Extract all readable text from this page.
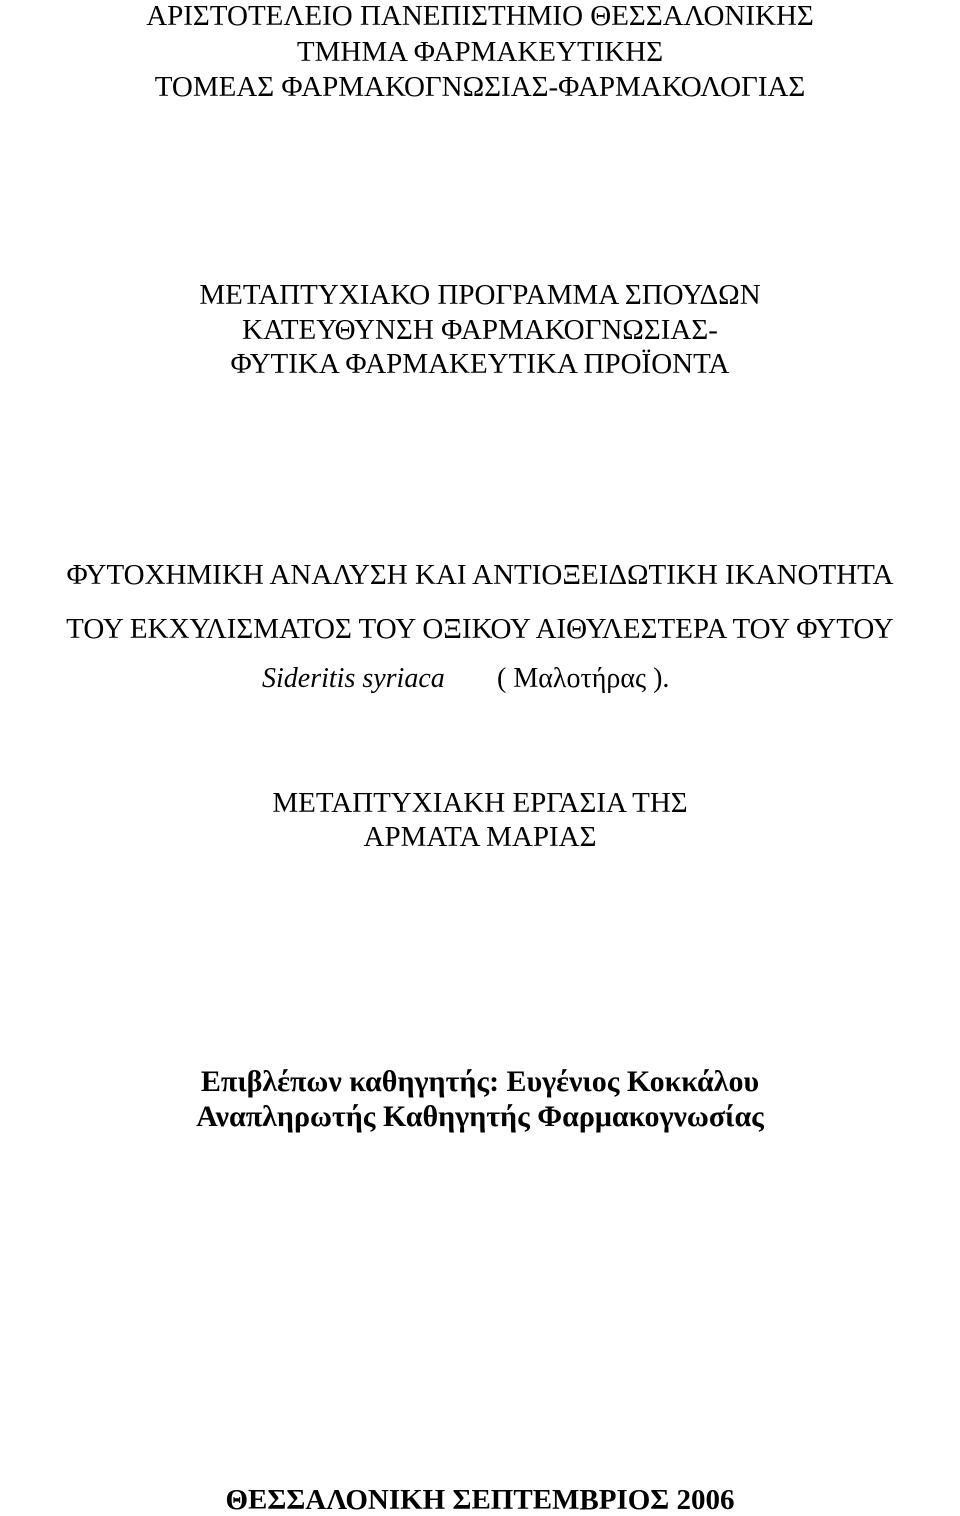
ΑΡΙΣΤΟΤΕΛΕΙΟ ΠΑΝΕΠΙΣΤΗΜΙΟ ΘΕΣΣΑΛΟΝΙΚΗΣ
ΤΜΗΜΑ ΦΑΡΜΑΚΕΥΤΙΚΗΣ
ΤΟΜΕΑΣ ΦΑΡΜΑΚΟΓΝΩΣΙΑΣ-ΦΑΡΜΑΚΟΛΟΓΙΑΣ
ΜΕΤΑΠΤΥΧΙΑΚΟ ΠΡΟΓΡΑΜΜΑ ΣΠΟΥΔΩΝ
ΚΑΤΕΥΘΥΝΣΗ ΦΑΡΜΑΚΟΓΝΩΣΙΑΣ-
ΦΥΤΙΚΑ ΦΑΡΜΑΚΕΥΤΙΚΑ ΠΡΟΪΟΝΤΑ
ΦΥΤΟΧΗΜΙΚΗ ΑΝΑΛΥΣΗ ΚΑΙ ΑΝΤΙΟΞΕΙΔΩΤΙΚΗ ΙΚΑΝΟΤΗΤΑ
ΤΟΥ ΕΚΧΥΛΙΣΜΑΤΟΣ ΤΟΥ ΟΞΙΚΟΥ ΑΙΘΥΛΕΣΤΕΡΑ ΤΟΥ ΦΥΤΟΥ
Sideritis syriaca ( Μαλοτήρας ).
ΜΕΤΑΠΤΥΧΙΑΚΗ ΕΡΓΑΣΙΑ ΤΗΣ
ΑΡΜΑΤΑ ΜΑΡΙΑΣ
Επιβλέπων καθηγητής: Ευγένιος Κοκκάλου
Αναπληρωτής Καθηγητής Φαρμακογνωσίας
ΘΕΣΣΑΛΟΝΙΚΗ ΣΕΠΤΕΜΒΡΙΟΣ 2006
